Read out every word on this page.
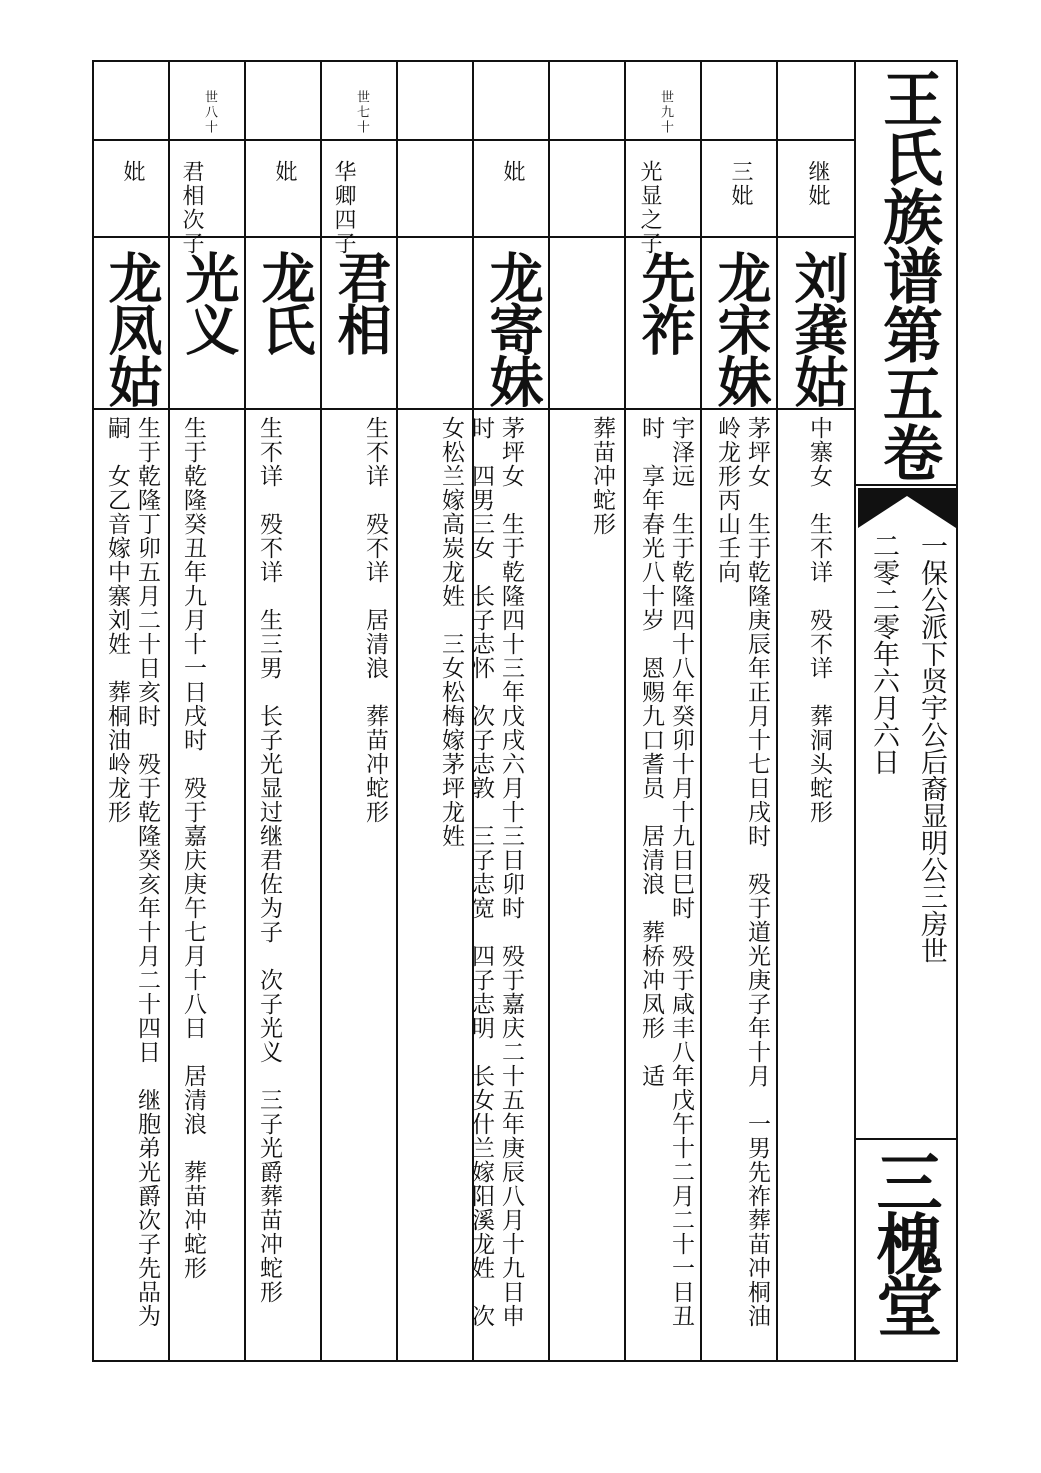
王氏族谱第五卷
一保公派下贤宇公后裔显明公三房世
二零二零年六月六日
三槐堂
继妣
刘龚姑
中寨女　生不详　殁不详　葬洞头蛇形
三妣
龙宋妹
茅坪女　生于乾隆庚辰年正月十七日戌时　殁于道光庚子年十月　一男先祚葬苗冲桐油岭龙形丙山壬向
世九十
光显之子
先祚
宇泽远　生于乾隆四十八年癸卯十月十九日巳时　殁于咸丰八年戊午十二月二十一日丑时　享年春光八十岁　恩赐九口耆员　居清浪　葬桥冲凤形　适
葬苗冲蛇形
妣
龙寄妹
茅坪女　生于乾隆四十三年戊戌六月十三日卯时　殁于嘉庆二十五年庚辰八月十九日申时　四男三女　长子志怀　次子志敦　三子志宽　四子志明　长女什兰嫁阳溪龙姓　次女松兰嫁高炭龙姓　三女松梅嫁茅坪龙姓
世七十
华卿四子
君相
生不详　殁不详　居清浪　葬苗冲蛇形
妣
龙氏
生不详　殁不详　生三男　长子光显过继君佐为子　次子光义　三子光爵葬苗冲蛇形
世八十
君相次子
光义
生于乾隆癸丑年九月十一日戌时　殁于嘉庆庚午七月十八日　居清浪　葬苗冲蛇形
妣
龙凤姑
生于乾隆丁卯五月二十日亥时　殁于乾隆癸亥年十月二十四日　继胞弟光爵次子先品为嗣　女乙音嫁中寨刘姓　葬桐油岭龙形
